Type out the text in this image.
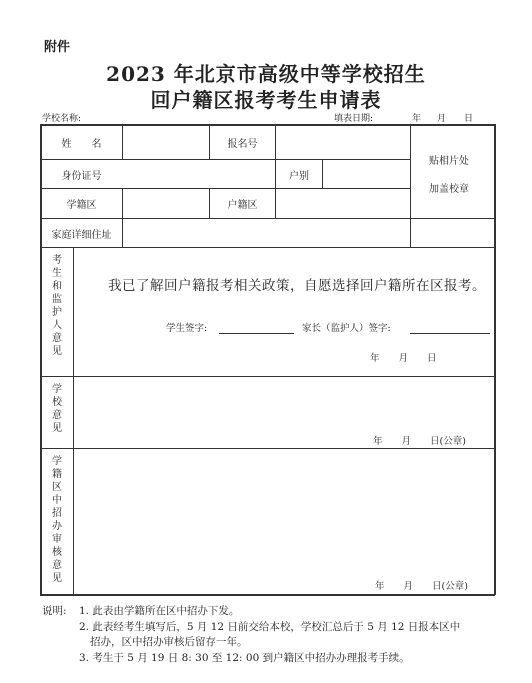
附件
2023 年北京市高级中等学校招生
回户籍区报考考生申请表
学校名称:	填表日期:	年 月 日
姓　　名	报名号
贴相片处
加盖校章
身份证号	户别
学籍区	户籍区
家庭详细住址
考生和监护人意见
我已了解回户籍报考相关政策，自愿选择回户籍所在区报考。
学生签字:	家长（监护人）签字:
年　　月　　日
学校意见
年　　月　　日(公章)
学籍区中招办审核意见
年　　月　　日(公章)
说明: 1. 此表由学籍所在区中招办下发。
2. 此表经考生填写后，5 月 12 日前交给本校，学校汇总后于 5 月 12 日报本区中
招办，区中招办审核后留存一年。
3. 考生于 5 月 19 日 8: 30 至 12: 00 到户籍区中招办办理报考手续。
